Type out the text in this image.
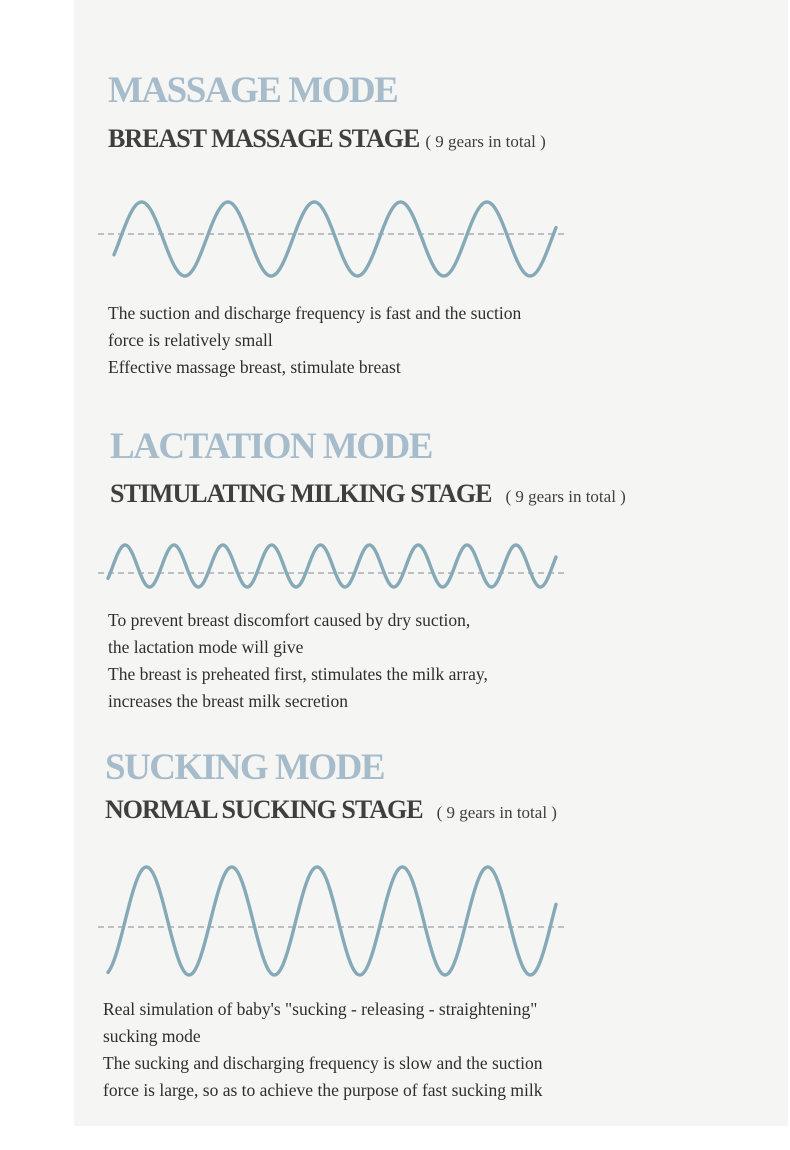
MASSAGE MODE
BREAST MASSAGE STAGE ( 9 gears in total )
The suction and discharge frequency is fast and the suction
force is relatively small
Effective massage breast, stimulate breast
LACTATION MODE
STIMULATING MILKING STAGE ( 9 gears in total )
To prevent breast discomfort caused by dry suction,
the lactation mode will give
The breast is preheated first, stimulates the milk array,
increases the breast milk secretion
SUCKING MODE
NORMAL SUCKING STAGE ( 9 gears in total )
Real simulation of baby's "sucking - releasing - straightening"
sucking mode
The sucking and discharging frequency is slow and the suction
force is large, so as to achieve the purpose of fast sucking milk
